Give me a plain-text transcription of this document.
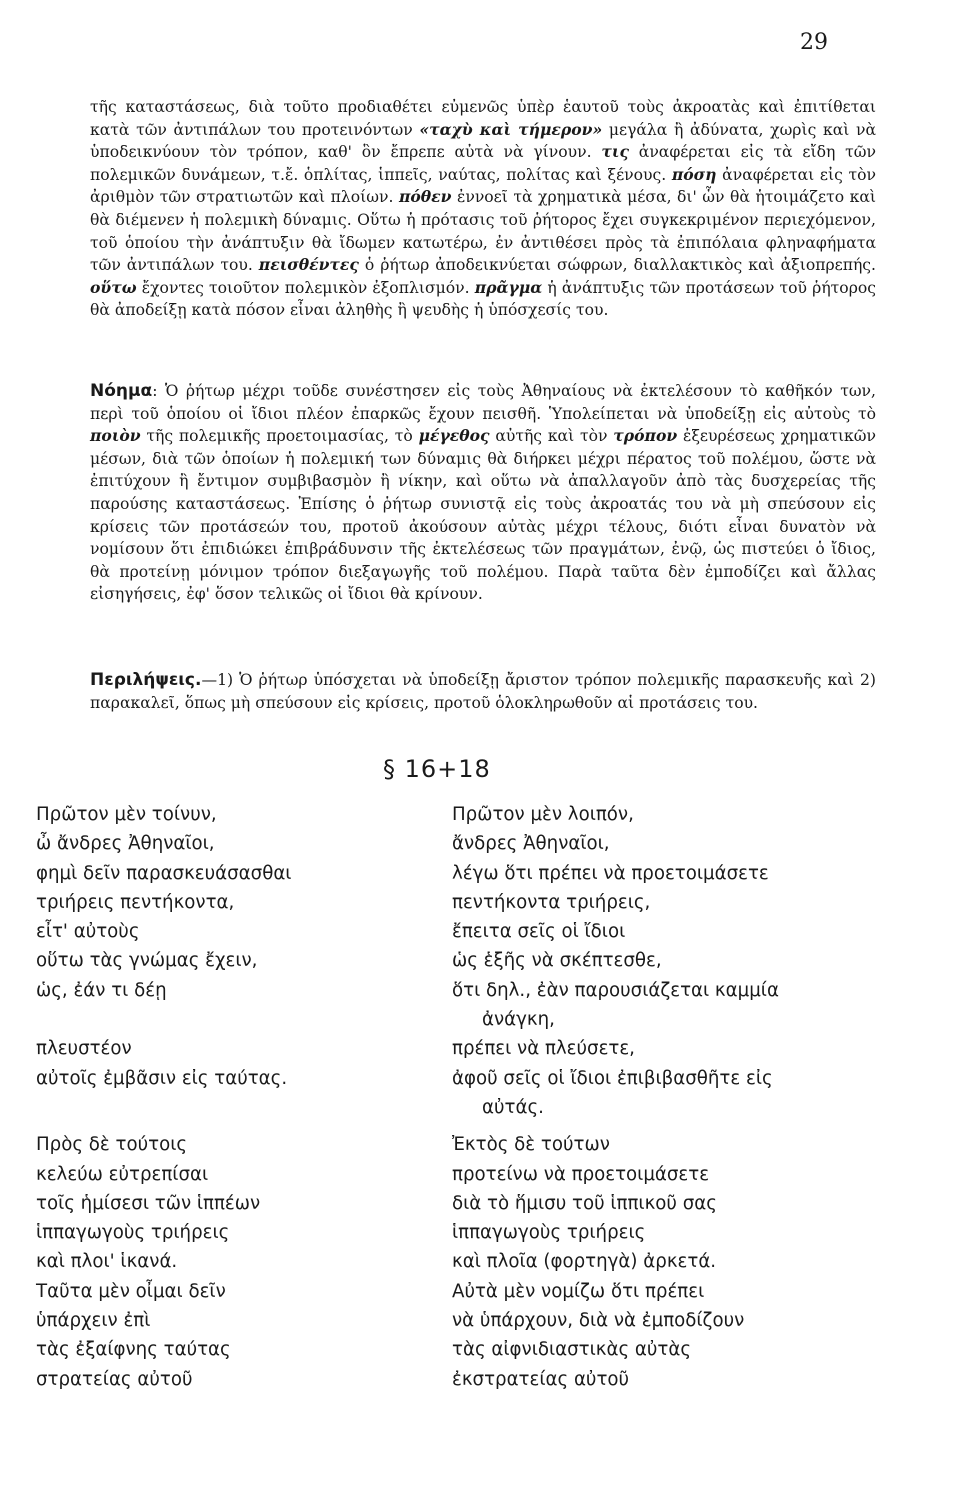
29

τῆς καταστάσεως, διὰ τοῦτο προδιαθέτει εὐμενῶς ὑπὲρ ἑαυτοῦ τοὺς ἀκροατὰς καὶ ἐπιτίθεται κατὰ τῶν ἀντιπάλων του προτεινόντων «ταχὺ καὶ τήμερον» μεγάλα ἢ ἀδύνατα, χωρὶς καὶ νὰ ὑποδεικνύουν τὸν τρόπον, καθ' ὃν ἔπρεπε αὐτὰ νὰ γίνουν. τις ἀναφέρεται εἰς τὰ εἴδη τῶν πολεμικῶν δυνάμεων, τ.ἔ. ὁπλίτας, ἱππεῖς, ναύτας, πολίτας καὶ ξένους. πόση ἀναφέρεται εἰς τὸν ἀριθμὸν τῶν στρατιωτῶν καὶ πλοίων. πόθεν ἐννοεῖ τὰ χρηματικὰ μέσα, δι' ὧν θὰ ἡτοιμάζετο καὶ θὰ διέμενεν ἡ πολεμικὴ δύναμις. Οὕτω ἡ πρότασις τοῦ ῥήτορος ἔχει συγκεκριμένον περιεχόμενον, τοῦ ὁποίου τὴν ἀνάπτυξιν θὰ ἴδωμεν κατωτέρω, ἐν ἀντιθέσει πρὸς τὰ ἐπιπόλαια φληναφήματα τῶν ἀντιπάλων του. πεισθέντες ὁ ῥήτωρ ἀποδεικνύεται σώφρων, διαλλακτικὸς καὶ ἀξιοπρεπής. οὕτω ἔχοντες τοιοῦτον πολεμικὸν ἐξοπλισμόν. πρᾶγμα ἡ ἀνάπτυξις τῶν προτάσεων τοῦ ῥήτορος θὰ ἀποδείξῃ κατὰ πόσον εἶναι ἀληθὴς ἢ ψευδὴς ἡ ὑπόσχεσίς του.

Νόημα: Ὁ ῥήτωρ μέχρι τοῦδε συνέστησεν εἰς τοὺς Ἀθηναίους νὰ ἐκτελέσουν τὸ καθῆκόν των, περὶ τοῦ ὁποίου οἱ ἴδιοι πλέον ἐπαρκῶς ἔχουν πεισθῆ. Ὑπολείπεται νὰ ὑποδείξῃ εἰς αὐτοὺς τὸ ποιὸν τῆς πολεμικῆς προετοιμασίας, τὸ μέγεθος αὐτῆς καὶ τὸν τρόπον ἐξευρέσεως χρηματικῶν μέσων, διὰ τῶν ὁποίων ἡ πολεμική των δύναμις θὰ διήρκει μέχρι πέρατος τοῦ πολέμου, ὥστε νὰ ἐπιτύχουν ἢ ἔντιμον συμβιβασμὸν ἢ νίκην, καὶ οὕτω νὰ ἀπαλλαγοῦν ἀπὸ τὰς δυσχερείας τῆς παρούσης καταστάσεως. Ἐπίσης ὁ ῥήτωρ συνιστᾷ εἰς τοὺς ἀκροατάς του νὰ μὴ σπεύσουν εἰς κρίσεις τῶν προτάσεών του, προτοῦ ἀκούσουν αὐτὰς μέχρι τέλους, διότι εἶναι δυνατὸν νὰ νομίσουν ὅτι ἐπιδιώκει ἐπιβράδυνσιν τῆς ἐκτελέσεως τῶν πραγμάτων, ἐνῷ, ὡς πιστεύει ὁ ἴδιος, θὰ προτείνῃ μόνιμον τρόπον διεξαγωγῆς τοῦ πολέμου. Παρὰ ταῦτα δὲν ἐμποδίζει καὶ ἄλλας εἰσηγήσεις, ἐφ' ὅσον τελικῶς οἱ ἴδιοι θὰ κρίνουν.

Περιλήψεις.—1) Ὁ ῥήτωρ ὑπόσχεται νὰ ὑποδείξῃ ἄριστον τρόπον πολεμικῆς παρασκευῆς καὶ 2) παρακαλεῖ, ὅπως μὴ σπεύσουν εἰς κρίσεις, προτοῦ ὁλοκληρωθοῦν αἱ προτάσεις του.

§ 16+18
Πρῶτον μὲν τοίνυν,
ὦ ἄνδρες Ἀθηναῖοι,
φημὶ δεῖν παρασκευάσασθαι
τριήρεις πεντήκοντα,
εἶτ' αὐτοὺς
οὕτω τὰς γνώμας ἔχειν,
ὡς, ἐάν τι δέῃ
πλευστέον
αὐτοῖς ἐμβᾶσιν εἰς ταύτας.
Πρὸς δὲ τούτοις
κελεύω εὐτρεπίσαι
τοῖς ἡμίσεσι τῶν ἱππέων
ἱππαγωγοὺς τριήρεις
καὶ πλοι' ἱκανά.
Ταῦτα μὲν οἶμαι δεῖν
ὑπάρχειν ἐπὶ
τὰς ἐξαίφνης ταύτας
στρατείας αὐτοῦ
Πρῶτον μὲν λοιπόν,
ἄνδρες Ἀθηναῖοι,
λέγω ὅτι πρέπει νὰ προετοιμάσετε
πεντήκοντα τριήρεις,
ἔπειτα σεῖς οἱ ἴδιοι
ὡς ἑξῆς νὰ σκέπτεσθε,
ὅτι δηλ., ἐὰν παρουσιάζεται καμμία
ἀνάγκη,
πρέπει νὰ πλεύσετε,
ἀφοῦ σεῖς οἱ ἴδιοι ἐπιβιβασθῆτε εἰς
αὐτάς.
Ἐκτὸς δὲ τούτων
προτείνω νὰ προετοιμάσετε
διὰ τὸ ἥμισυ τοῦ ἱππικοῦ σας
ἱππαγωγοὺς τριήρεις
καὶ πλοῖα (φορτηγὰ) ἀρκετά.
Αὐτὰ μὲν νομίζω ὅτι πρέπει
νὰ ὑπάρχουν, διὰ νὰ ἐμποδίζουν
τὰς αἰφνιδιαστικὰς αὐτὰς
ἐκστρατείας αὐτοῦ
